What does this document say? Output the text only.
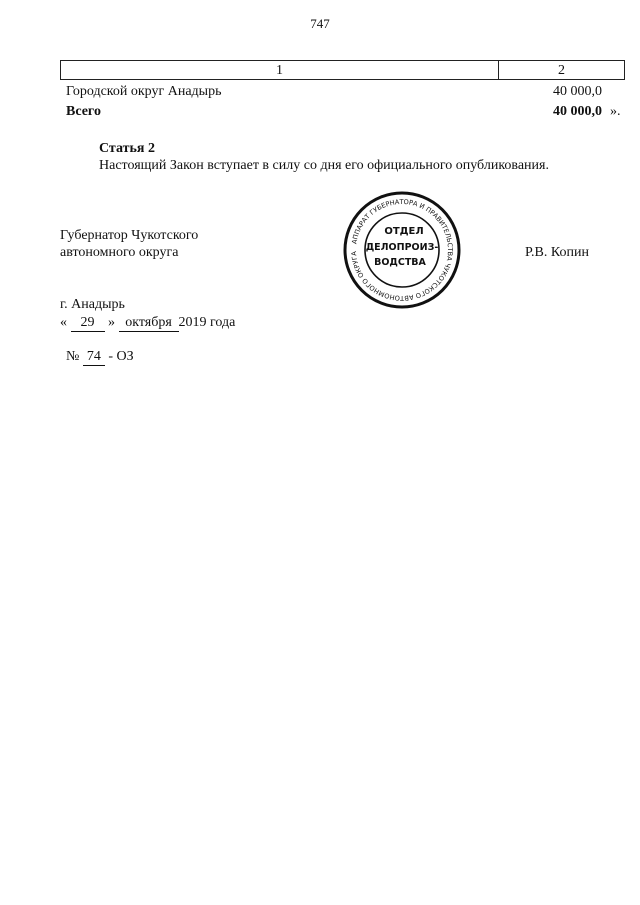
747
1	2
Городской округ Анадырь	40 000,0
Всего	40 000,0 ».
Статья 2
Настоящий Закон вступает в силу со дня его официального опубликования.
Губернатор Чукотского
автономного округа	Р.В. Копин
АППАРАТ ГУБЕРНАТОРА И ПРАВИТЕЛЬСТВА ЧУКОТСКОГО АВТОНОМНОГО ОКРУГА
ОТДЕЛ
ДЕЛОПРОИЗ-
ВОДСТВА
г. Анадырь
« 29 » октября 2019 года
№ 74 - ОЗ
